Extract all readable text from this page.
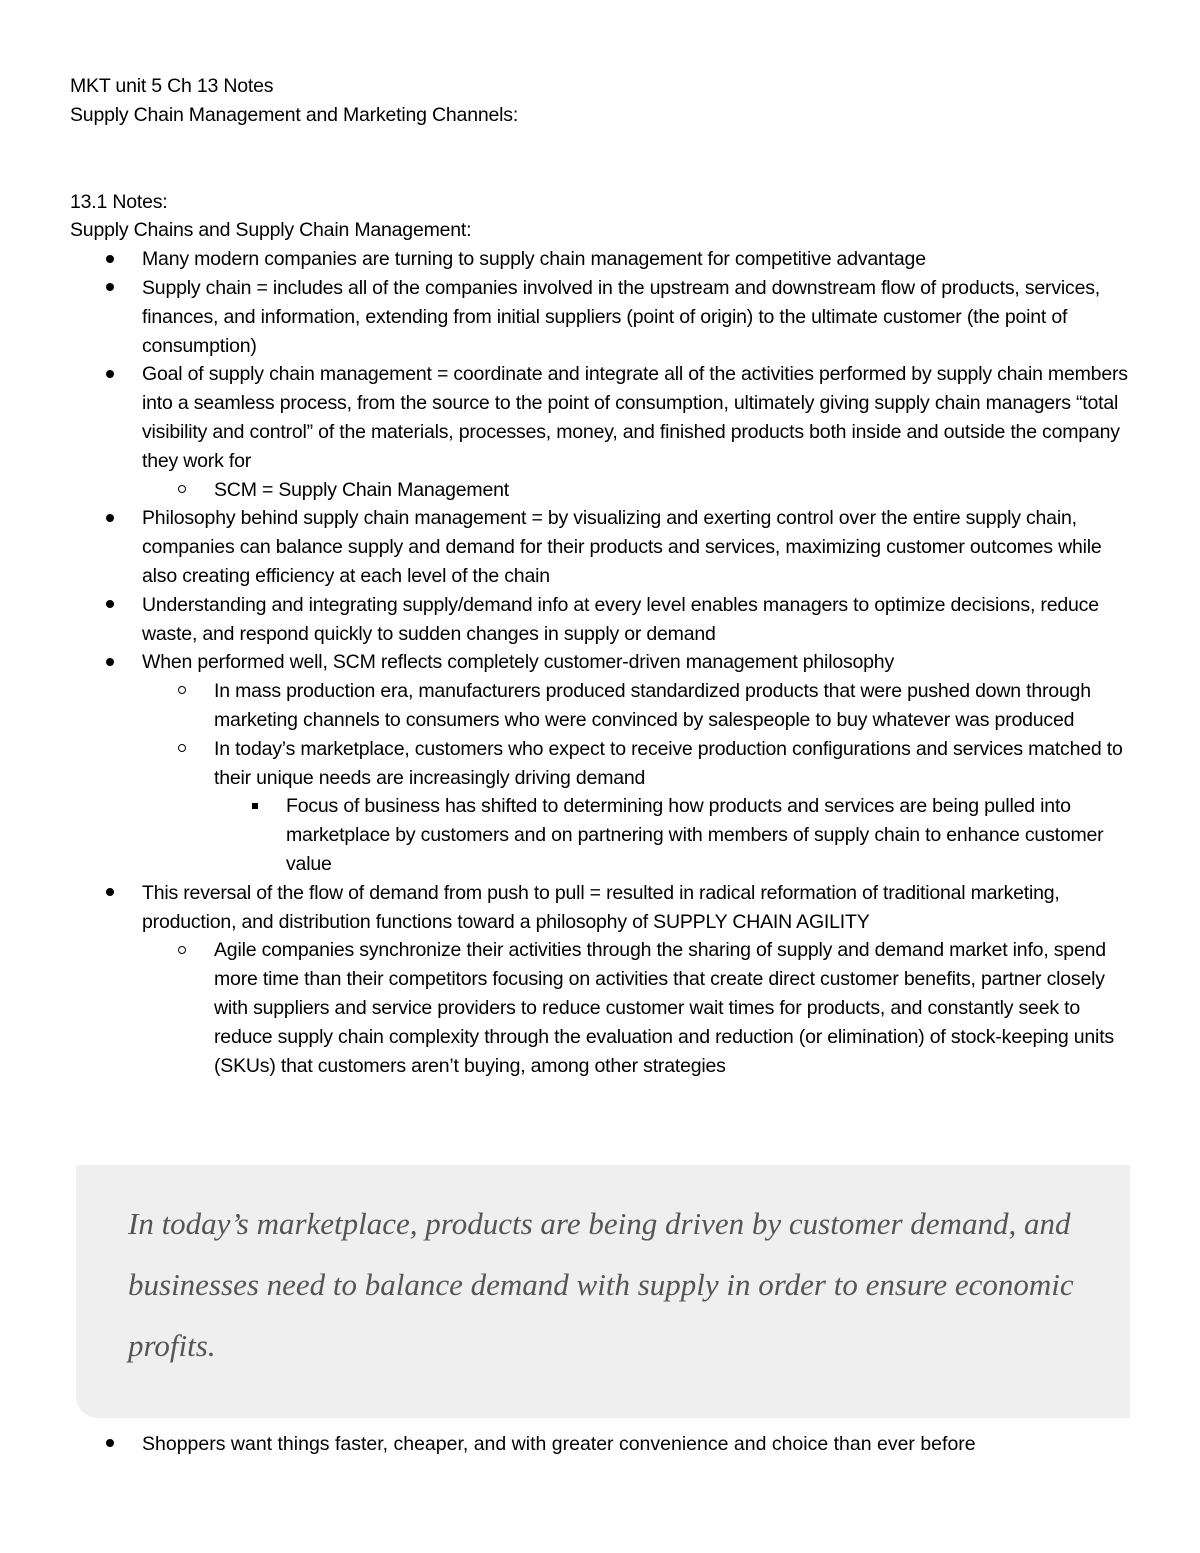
MKT unit 5 Ch 13 Notes
Supply Chain Management and Marketing Channels:
13.1 Notes:
Supply Chains and Supply Chain Management:
Many modern companies are turning to supply chain management for competitive advantage
Supply chain = includes all of the companies involved in the upstream and downstream flow of products, services, finances, and information, extending from initial suppliers (point of origin) to the ultimate customer (the point of consumption)
Goal of supply chain management = coordinate and integrate all of the activities performed by supply chain members into a seamless process, from the source to the point of consumption, ultimately giving supply chain managers “total visibility and control” of the materials, processes, money, and finished products both inside and outside the company they work for
SCM = Supply Chain Management
Philosophy behind supply chain management = by visualizing and exerting control over the entire supply chain, companies can balance supply and demand for their products and services, maximizing customer outcomes while also creating efficiency at each level of the chain
Understanding and integrating supply/demand info at every level enables managers to optimize decisions, reduce waste, and respond quickly to sudden changes in supply or demand
When performed well, SCM reflects completely customer-driven management philosophy
In mass production era, manufacturers produced standardized products that were pushed down through marketing channels to consumers who were convinced by salespeople to buy whatever was produced
In today’s marketplace, customers who expect to receive production configurations and services matched to their unique needs are increasingly driving demand
Focus of business has shifted to determining how products and services are being pulled into marketplace by customers and on partnering with members of supply chain to enhance customer value
This reversal of the flow of demand from push to pull = resulted in radical reformation of traditional marketing, production, and distribution functions toward a philosophy of SUPPLY CHAIN AGILITY
Agile companies synchronize their activities through the sharing of supply and demand market info, spend more time than their competitors focusing on activities that create direct customer benefits, partner closely with suppliers and service providers to reduce customer wait times for products, and constantly seek to reduce supply chain complexity through the evaluation and reduction (or elimination) of stock-keeping units (SKUs) that customers aren’t buying, among other strategies
In today’s marketplace, products are being driven by customer demand, and businesses need to balance demand with supply in order to ensure economic profits.
Shoppers want things faster, cheaper, and with greater convenience and choice than ever before
